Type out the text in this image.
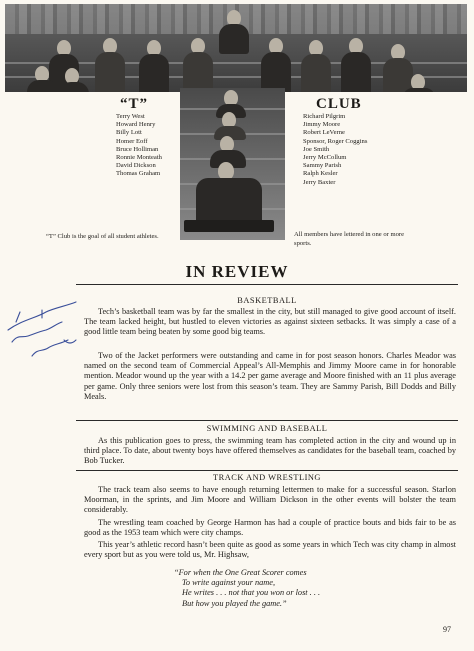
“T”	CLUB
Terry West
Howard Henry
Billy Lott
Homer Eoff
Bruce Holliman
Ronnie Monteath
David Dickson
Thomas Graham
Richard Pilgrim
Jimmy Moore
Robert LeVerne
Sponsor, Roger Coggins
Joe Smith
Jerry McCollum
Sammy Parish
Ralph Kesler
Jerry Baxter
“T” Club is the goal of all student athletes.	All members have lettered in one or more sports.
IN REVIEW
BASKETBALL
Tech’s basketball team was by far the smallest in the city, but still managed to give good account of itself. The team lacked height, but hustled to eleven victories as against sixteen setbacks. It was simply a case of a good little team being beaten by some good big teams.
Two of the Jacket performers were outstanding and came in for post season honors. Charles Meador was named on the second team of Commercial Appeal’s All-Memphis and Jimmy Moore came in for honorable mention. Meador wound up the year with a 14.2 per game average and Moore finished with an 11 plus average per game. Only three seniors were lost from this season’s team. They are Sammy Parish, Bill Dodds and Billy Meals.
SWIMMING AND BASEBALL
As this publication goes to press, the swimming team has completed action in the city and wound up in third place. To date, about twenty boys have offered themselves as candidates for the baseball team, coached by Bob Tucker.
TRACK AND WRESTLING
The track team also seems to have enough returning lettermen to make for a successful season. Starlon Moorman, in the sprints, and Jim Moore and William Dickson in the other events will bolster the team considerably.
The wrestling team coached by George Harmon has had a couple of practice bouts and bids fair to be as good as the 1953 team which were city champs.
This year’s athletic record hasn’t been quite as good as some years in which Tech was city champ in almost every sport but as you were told us, Mr. Highsaw,
“For when the One Great Scorer comes
To write against your name,
He writes . . . not that you won or lost . . .
But how you played the game.”
97
